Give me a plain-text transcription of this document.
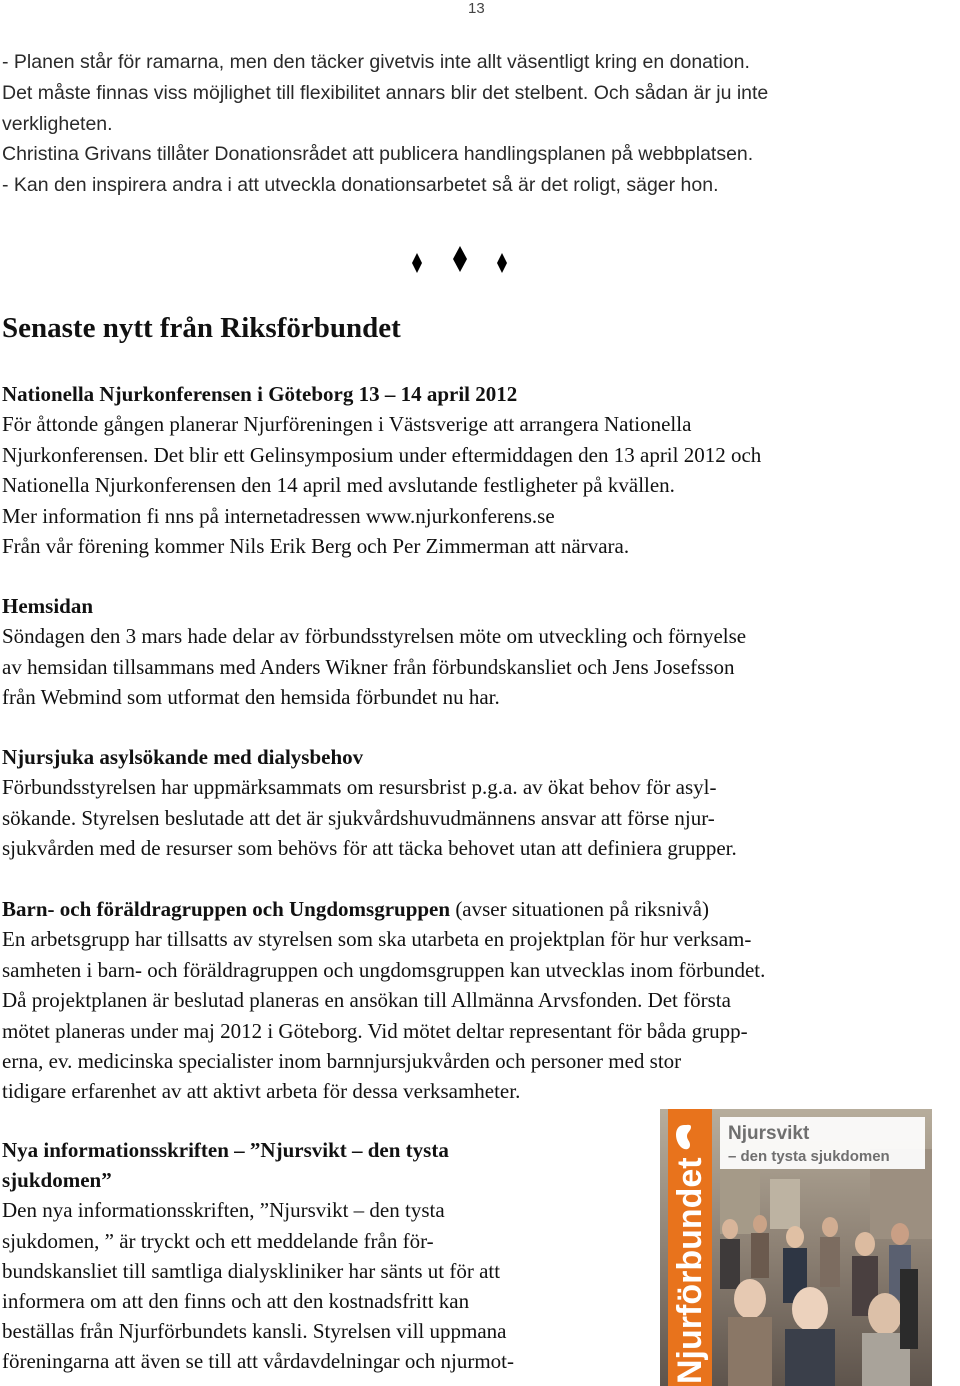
13
- Planen står för ramarna, men den täcker givetvis inte allt väsentligt kring en donation.
Det måste finnas viss möjlighet till flexibilitet annars blir det stelbent. Och sådan är ju inte
verkligheten.
Christina Grivans tillåter Donationsrådet att publicera handlingsplanen på webbplatsen.
- Kan den inspirera andra i att utveckla donationsarbetet så är det roligt, säger hon.
Senaste nytt från Riksförbundet
Nationella Njurkonferensen i Göteborg 13 – 14 april 2012
För åttonde gången planerar Njurföreningen i Västsverige att arrangera Nationella
Njurkonferensen. Det blir ett Gelinsymposium under eftermiddagen den 13 april 2012 och
Nationella Njurkonferensen den 14 april med avslutande festligheter på kvällen.
Mer information fi nns på internetadressen www.njurkonferens.se
Från vår förening kommer Nils Erik Berg och Per Zimmerman att närvara.
Hemsidan
Söndagen den 3 mars hade delar av förbundsstyrelsen möte om utveckling och förnyelse
av hemsidan tillsammans med Anders Wikner från förbundskansliet och Jens Josefsson
från Webmind som utformat den hemsida förbundet nu har.
Njursjuka asylsökande med dialysbehov
Förbundsstyrelsen har uppmärksammats om resursbrist p.g.a. av ökat behov för asyl-
sökande. Styrelsen beslutade att det är sjukvårdshuvudmännens ansvar att förse njur-
sjukvården med de resurser som behövs för att täcka behovet utan att definiera grupper.
Barn- och föräldragruppen och Ungdomsgruppen (avser situationen på riksnivå)
En arbetsgrupp har tillsatts av styrelsen som ska utarbeta en projektplan för hur verksam-
samheten i barn- och föräldragruppen och ungdomsgruppen kan utvecklas inom förbundet.
Då projektplanen är beslutad planeras en ansökan till Allmänna Arvsfonden. Det första
mötet planeras under maj 2012 i Göteborg. Vid mötet deltar representant för båda grupp-
erna, ev. medicinska specialister inom barnnjursjukvården och personer med stor
tidigare erfarenhet av att aktivt arbeta för dessa verksamheter.
Nya informationsskriften – ”Njursvikt – den tysta
sjukdomen”
Den nya informationsskriften, ”Njursvikt – den tysta
sjukdomen, ” är tryckt och ett meddelande från för-
bundskansliet till samtliga dialyskliniker har sänts ut för att
informera om att den finns och att den kostnadsfritt kan
beställas från Njurförbundets kansli. Styrelsen vill uppmana
föreningarna att även se till att vårdavdelningar och njurmot-	Njurförbundet
Njursvikt
– den tysta sjukdomen
